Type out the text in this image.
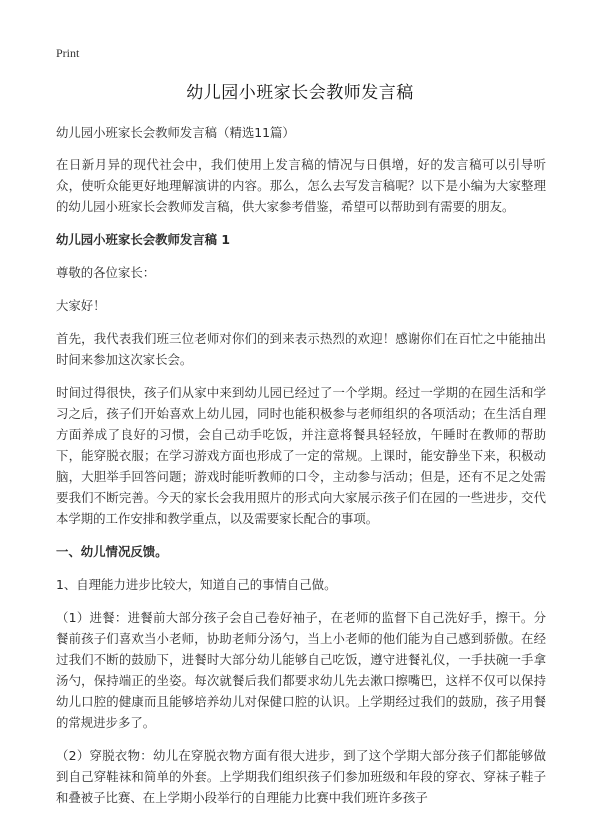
Print
幼儿园小班家长会教师发言稿

幼儿园小班家长会教师发言稿（精选11篇）

在日新月异的现代社会中，我们使用上发言稿的情况与日俱增，好的发言稿可以引导听众，使听众能更好地理解演讲的内容。那么，怎么去写发言稿呢？以下是小编为大家整理的幼儿园小班家长会教师发言稿，供大家参考借鉴，希望可以帮助到有需要的朋友。

幼儿园小班家长会教师发言稿 1

尊敬的各位家长：

大家好！

首先，我代表我们班三位老师对你们的到来表示热烈的欢迎！感谢你们在百忙之中能抽出时间来参加这次家长会。

时间过得很快，孩子们从家中来到幼儿园已经过了一个学期。经过一学期的在园生活和学习之后，孩子们开始喜欢上幼儿园，同时也能积极参与老师组织的各项活动；在生活自理方面养成了良好的习惯，会自己动手吃饭，并注意将餐具轻轻放，午睡时在教师的帮助下，能穿脱衣服；在学习游戏方面也形成了一定的常规。上课时，能安静坐下来，积极动脑，大胆举手回答问题；游戏时能听教师的口令，主动参与活动；但是，还有不足之处需要我们不断完善。今天的家长会我用照片的形式向大家展示孩子们在园的一些进步，交代本学期的工作安排和教学重点，以及需要家长配合的事项。

一、幼儿情况反馈。

1、自理能力进步比较大，知道自己的事情自己做。

（1）进餐：进餐前大部分孩子会自己卷好袖子，在老师的监督下自己洗好手，擦干。分餐前孩子们喜欢当小老师，协助老师分汤勺，当上小老师的他们能为自己感到骄傲。在经过我们不断的鼓励下，进餐时大部分幼儿能够自己吃饭，遵守进餐礼仪，一手扶碗一手拿汤勺，保持端正的坐姿。每次就餐后我们都要求幼儿先去漱口擦嘴巴，这样不仅可以保持幼儿口腔的健康而且能够培养幼儿对保健口腔的认识。上学期经过我们的鼓励，孩子用餐的常规进步多了。

（2）穿脱衣物：幼儿在穿脱衣物方面有很大进步，到了这个学期大部分孩子们都能够做到自己穿鞋袜和简单的外套。上学期我们组织孩子们参加班级和年段的穿衣、穿袜子鞋子和叠被子比赛、在上学期小段举行的自理能力比赛中我们班许多孩子
